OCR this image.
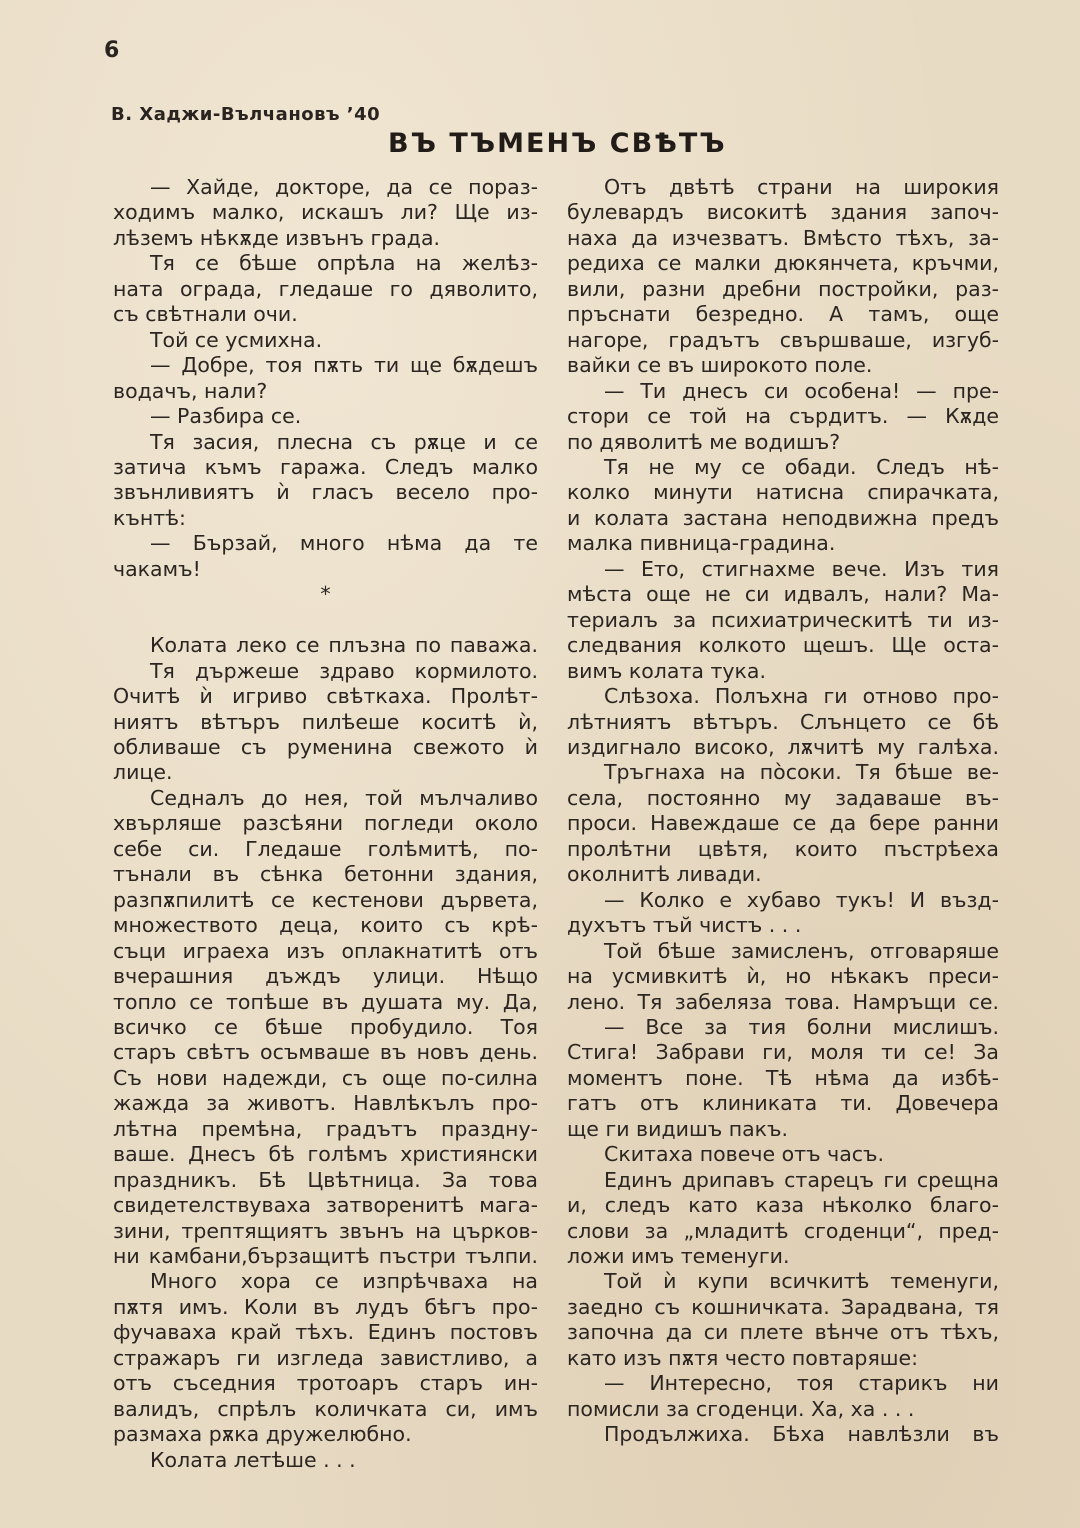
6
В. Хаджи-Вълчановъ ’40
ВЪ ТЪМЕНЪ СВѢТЪ
— Хайде, докторе, да се пораз-
ходимъ малко, искашъ ли? Ще из-
лѣземъ нѣкѫде извънъ града.
Тя се бѣше опрѣла на желѣз-
ната ограда, гледаше го дяволито,
съ свѣтнали очи.
Той се усмихна.
— Добре, тоя пѫть ти ще бѫдешъ
водачъ, нали?
— Разбира се.
Тя засия, плесна съ рѫце и се
затича къмъ гаража. Следъ малко
звънливиятъ ѝ гласъ весело про-
кънтѣ:
— Бързай, много нѣма да те
чакамъ!
*

Колата леко се плъзна по паважа.
Тя държеше здраво кормилото.
Очитѣ ѝ игриво свѣткаха. Пролѣт-
ниятъ вѣтъръ пилѣеше коситѣ ѝ,
обливаше съ руменина свежото ѝ
лице.
Седналъ до нея, той мълчаливо
хвърляше разсѣяни погледи около
себе си. Гледаше голѣмитѣ, по-
тънали въ сѣнка бетонни здания,
разпѫпилитѣ се кестенови дървета,
множеството деца, които съ крѣ-
съци играеха изъ оплакнатитѣ отъ
вчерашния дъждъ улици. Нѣщо
топло се топѣше въ душата му. Да,
всичко се бѣше пробудило. Тоя
старъ свѣтъ осъмваше въ новъ день.
Съ нови надежди, съ още по-силна
жажда за животъ. Навлѣкълъ про-
лѣтна премѣна, градътъ праздну-
ваше. Днесъ бѣ голѣмъ християнски
праздникъ. Бѣ Цвѣтница. За това
свидетелствуваха затворенитѣ мага-
зини, трептящиятъ звънъ на църков-
ни камбани,бързащитѣ пъстри тълпи.
Много хора се изпрѣчваха на
пѫтя имъ. Коли въ лудъ бѣгъ про-
фучаваха край тѣхъ. Единъ постовъ
стражаръ ги изгледа завистливо, а
отъ съседния тротоаръ старъ ин-
валидъ, спрѣлъ количката си, имъ
размаха рѫка дружелюбно.
Колата летѣше . . .
Отъ двѣтѣ страни на широкия
булевардъ високитѣ здания започ-
наха да изчезватъ. Вмѣсто тѣхъ, за-
редиха се малки дюкянчета, кръчми,
вили, разни дребни постройки, раз-
пръснати безредно. А тамъ, още
нагоре, градътъ свършваше, изгуб-
вайки се въ широкото поле.
— Ти днесъ си особена! — пре-
стори се той на сърдитъ. — Кѫде
по дяволитѣ ме водишъ?
Тя не му се обади. Следъ нѣ-
колко минути натисна спирачката,
и колата застана неподвижна предъ
малка пивница-градина.
— Ето, стигнахме вече. Изъ тия
мѣста още не си идвалъ, нали? Ма-
териалъ за психиатрическитѣ ти из-
следвания колкото щешъ. Ще оста-
вимъ колата тука.
Слѣзоха. Полъхна ги отново про-
лѣтниятъ вѣтъръ. Слънцето се бѣ
издигнало високо, лѫчитѣ му галѣха.
Тръгнаха на пòсоки. Тя бѣше ве-
села, постоянно му задаваше въ-
проси. Навеждаше се да бере ранни
пролѣтни цвѣтя, които пъстрѣеха
околнитѣ ливади.
— Колко е хубаво тукъ! И възд-
духътъ тъй чистъ . . .
Той бѣше замисленъ, отговаряше
на усмивкитѣ ѝ, но нѣкакъ преси-
лено. Тя забеляза това. Намръщи се.
— Все за тия болни мислишъ.
Стига! Забрави ги, моля ти се! За
моментъ поне. Тѣ нѣма да избѣ-
гатъ отъ клиниката ти. Довечера
ще ги видишъ пакъ.
Скитаха повече отъ часъ.
Единъ дрипавъ старецъ ги срещна
и, следъ като каза нѣколко благо-
слови за „младитѣ сгоденци“, пред-
ложи имъ теменуги.
Той ѝ купи всичкитѣ теменуги,
заедно съ кошничката. Зарадвана, тя
започна да си плете вѣнче отъ тѣхъ,
като изъ пѫтя често повтаряше:
— Интересно, тоя старикъ ни
помисли за сгоденци. Ха, ха . . .
Продължиха. Бѣха навлѣзли въ
